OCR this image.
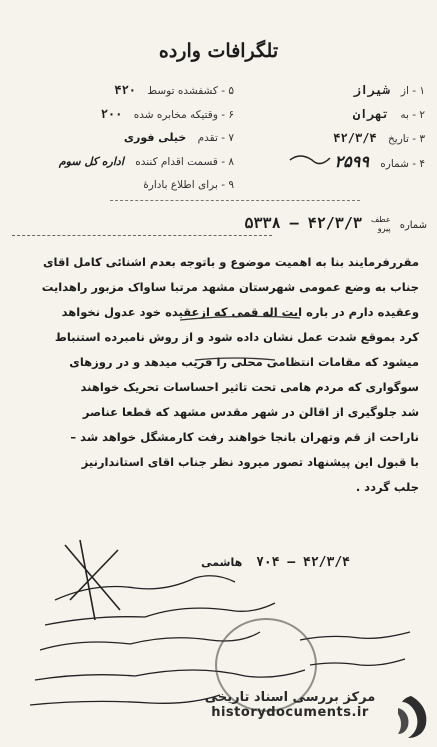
تلگرافات وارده
۱ - از شیراز
۲ - به تهران
۳ - تاریخ ۴۲/۳/۴
۴ - شماره ۲۵۹۹
۵ - کشفشده توسط ۴۲۰
۶ - وقتیکه مخابره شده ۲۰۰
۷ - تقدم خیلی فوری
۸ - قسمت اقدام کننده اداره کل سوم
۹ - برای اطلاع بادارهٔ
شماره
عطف
پیرو
۴۲/۳/۳ – ۵۳۳۸
مقررفرمایند بنا به اهمیت موضوع و باتوجه بعدم اشنائی کامل اقای
جناب به وضع عمومی شهرستان مشهد مرتبا ساواک مزبور راهدایت
وعقیده دارم در باره ایت اله قمی که ازعقیده خود عدول نخواهد
کرد بموقع شدت عمل نشان داده شود و از روش نامبرده استنباط
میشود که مقامات انتظامی محلی را فریب میدهد و در روزهای
سوگواری که مردم هامی تحت تاثیر احساسات تحریک خواهند
شد جلوگیری از اقالن در شهر مقدس مشهد که قطعا عناصر
ناراحت از قم وتهران بانجا خواهند رفت کارمشگل خواهد شد –
با قبول این پیشنهاد تصور میرود نظر جناب اقای استاندارنیز
جلب گردد .
۴۲/۳/۴ – ۷۰۴ هاشمی
مرکز بررسی اسناد تاریخی
historydocuments.ir
